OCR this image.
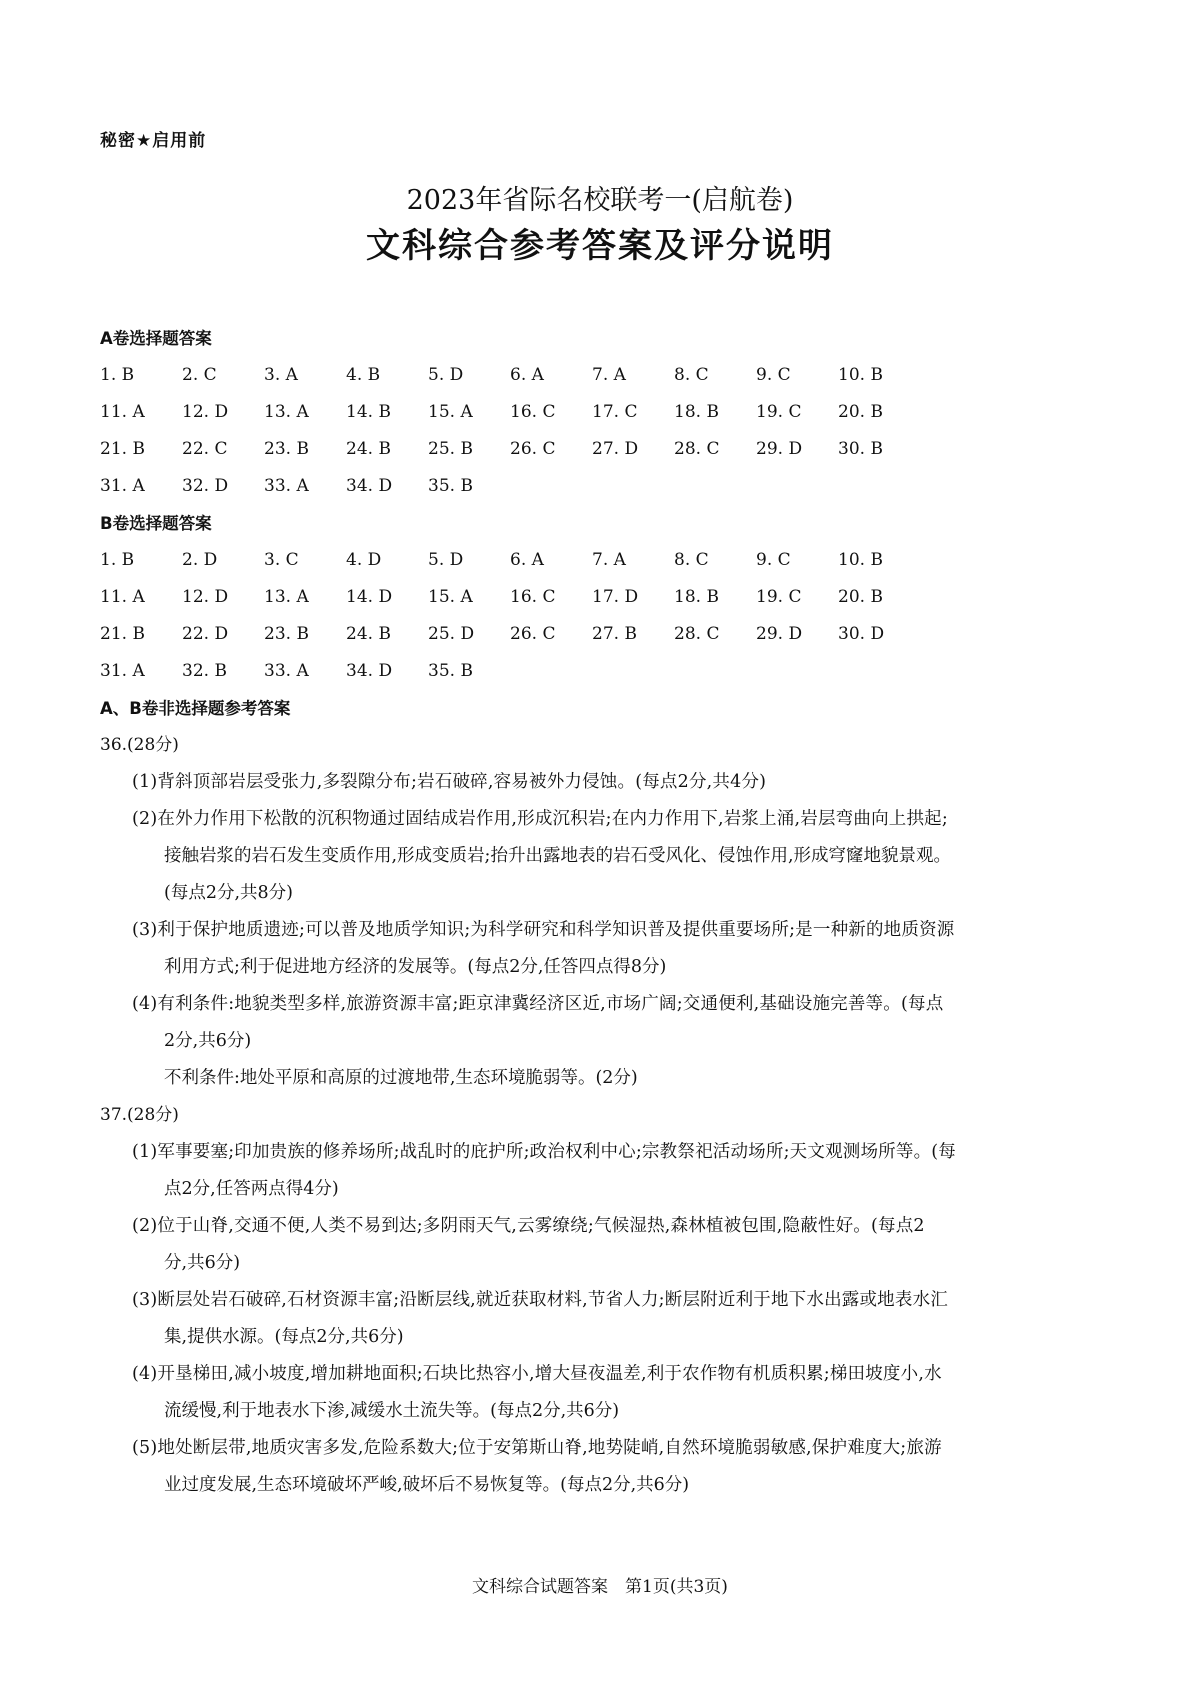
秘密★启用前
2023年省际名校联考一(启航卷)
文科综合参考答案及评分说明
A卷选择题答案
1. B	2. C	3. A	4. B	5. D	6. A	7. A	8. C	9. C	10. B
11. A	12. D	13. A	14. B	15. A	16. C	17. C	18. B	19. C	20. B
21. B	22. C	23. B	24. B	25. B	26. C	27. D	28. C	29. D	30. B
31. A	32. D	33. A	34. D	35. B
B卷选择题答案
1. B	2. D	3. C	4. D	5. D	6. A	7. A	8. C	9. C	10. B
11. A	12. D	13. A	14. D	15. A	16. C	17. D	18. B	19. C	20. B
21. B	22. D	23. B	24. B	25. D	26. C	27. B	28. C	29. D	30. D
31. A	32. B	33. A	34. D	35. B
A、B卷非选择题参考答案
36.(28分)
(1)背斜顶部岩层受张力,多裂隙分布;岩石破碎,容易被外力侵蚀。(每点2分,共4分)
(2)在外力作用下松散的沉积物通过固结成岩作用,形成沉积岩;在内力作用下,岩浆上涌,岩层弯曲向上拱起;
接触岩浆的岩石发生变质作用,形成变质岩;抬升出露地表的岩石受风化、侵蚀作用,形成穹窿地貌景观。
(每点2分,共8分)
(3)利于保护地质遗迹;可以普及地质学知识;为科学研究和科学知识普及提供重要场所;是一种新的地质资源
利用方式;利于促进地方经济的发展等。(每点2分,任答四点得8分)
(4)有利条件:地貌类型多样,旅游资源丰富;距京津冀经济区近,市场广阔;交通便利,基础设施完善等。(每点
2分,共6分)
不利条件:地处平原和高原的过渡地带,生态环境脆弱等。(2分)
37.(28分)
(1)军事要塞;印加贵族的修养场所;战乱时的庇护所;政治权利中心;宗教祭祀活动场所;天文观测场所等。(每
点2分,任答两点得4分)
(2)位于山脊,交通不便,人类不易到达;多阴雨天气,云雾缭绕;气候湿热,森林植被包围,隐蔽性好。(每点2
分,共6分)
(3)断层处岩石破碎,石材资源丰富;沿断层线,就近获取材料,节省人力;断层附近利于地下水出露或地表水汇
集,提供水源。(每点2分,共6分)
(4)开垦梯田,减小坡度,增加耕地面积;石块比热容小,增大昼夜温差,利于农作物有机质积累;梯田坡度小,水
流缓慢,利于地表水下渗,减缓水土流失等。(每点2分,共6分)
(5)地处断层带,地质灾害多发,危险系数大;位于安第斯山脊,地势陡峭,自然环境脆弱敏感,保护难度大;旅游
业过度发展,生态环境破坏严峻,破坏后不易恢复等。(每点2分,共6分)
文科综合试题答案　第1页(共3页)
